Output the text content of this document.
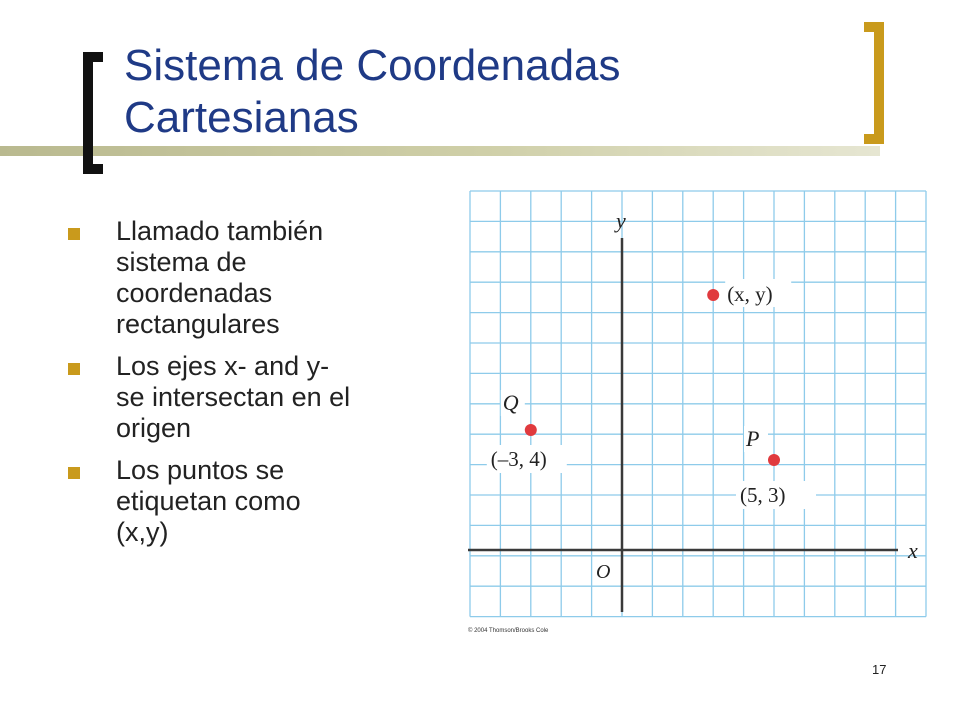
Sistema de Coordenadas
Cartesianas
Llamado también
sistema de
coordenadas
rectangulares
Los ejes x- and y-
se intersectan en el
origen
Los puntos se
etiquetan como
(x,y)
x
y
O
(x, y)
Q
(–3, 4)
P
(5, 3)
© 2004 Thomson/Brooks Cole
17
